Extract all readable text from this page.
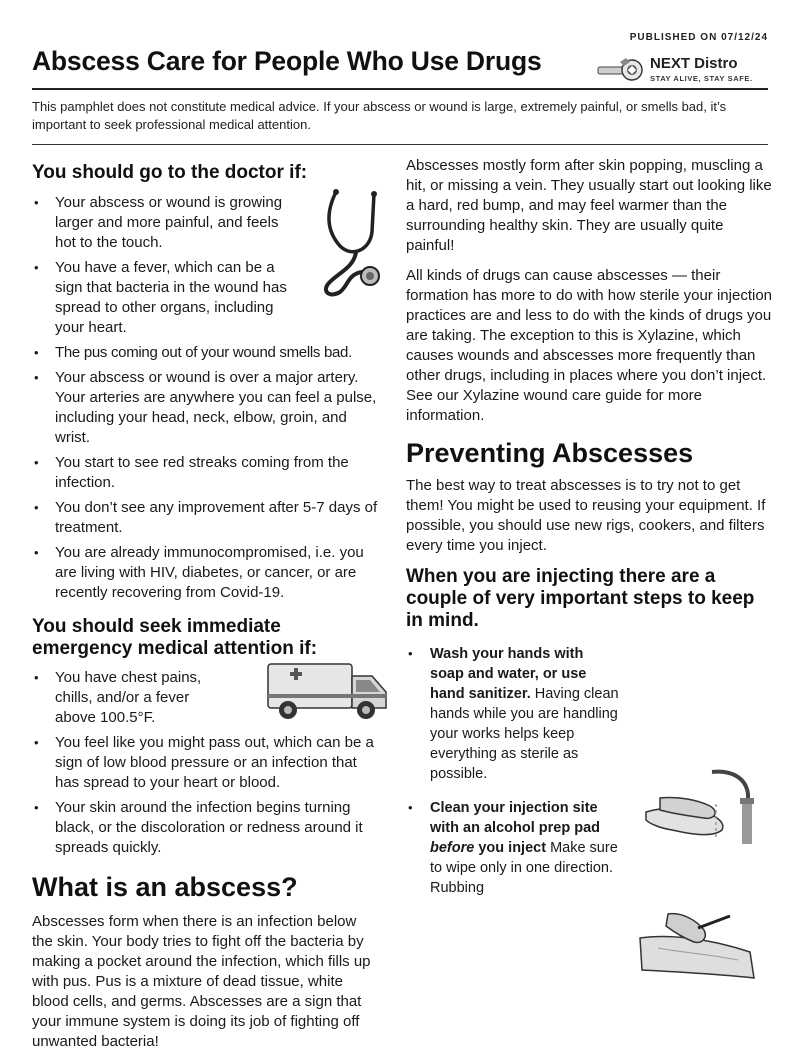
PUBLISHED ON 07/12/24
Abscess Care for People Who Use Drugs	NEXT Distro
STAY ALIVE, STAY SAFE.

This pamphlet does not constitute medical advice. If your abscess or wound is large, extremely painful, or smells bad, it’s important to seek professional medical attention.

You should go to the doctor if:
• Your abscess or wound is growing larger and more painful, and feels hot to the touch.
• You have a fever, which can be a sign that bacteria in the wound has spread to other organs, including your heart.
• The pus coming out of your wound smells bad.
• Your abscess or wound is over a major artery. Your arteries are anywhere you can feel a pulse, including your head, neck, elbow, groin, and wrist.
• You start to see red streaks coming from the infection.
• You don’t see any improvement after 5-7 days of treatment.
• You are already immunocompromised, i.e. you are living with HIV, diabetes, or cancer, or are recently recovering from Covid-19.
You should seek immediate emergency medical attention if:
• You have chest pains, chills, and/or a fever above 100.5°F.
• You feel like you might pass out, which can be a sign of low blood pressure or an infection that has spread to your heart or blood.
• Your skin around the infection begins turning black, or the discoloration or redness around it spreads quickly.
What is an abscess?

Abscesses form when there is an infection below the skin. Your body tries to fight off the bacteria by making a pocket around the infection, which fills up with pus. Pus is a mixture of dead tissue, white blood cells, and germs. Abscesses are a sign that your immune system is doing its job of fighting off unwanted bacteria!

Abscesses mostly form after skin popping, muscling a hit, or missing a vein. They usually start out looking like a hard, red bump, and may feel warmer than the surrounding healthy skin. They are usually quite painful!

All kinds of drugs can cause abscesses — their formation has more to do with how sterile your injection practices are and less to do with the kinds of drugs you are taking. The exception to this is Xylazine, which causes wounds and abscesses more frequently than other drugs, including in places where you don’t inject. See our Xylazine wound care guide for more information.

Preventing Abscesses

The best way to treat abscesses is to try not to get them! You might be used to reusing your equipment. If possible, you should use new rigs, cookers, and filters every time you inject.

When you are injecting there are a couple of very important steps to keep in mind.
• Wash your hands with soap and water, or use hand sanitizer. Having clean hands while you are handling your works helps keep everything as sterile as possible.
• Clean your injection site with an alcohol prep pad before you inject Make sure to wipe only in one direction. Rubbing
